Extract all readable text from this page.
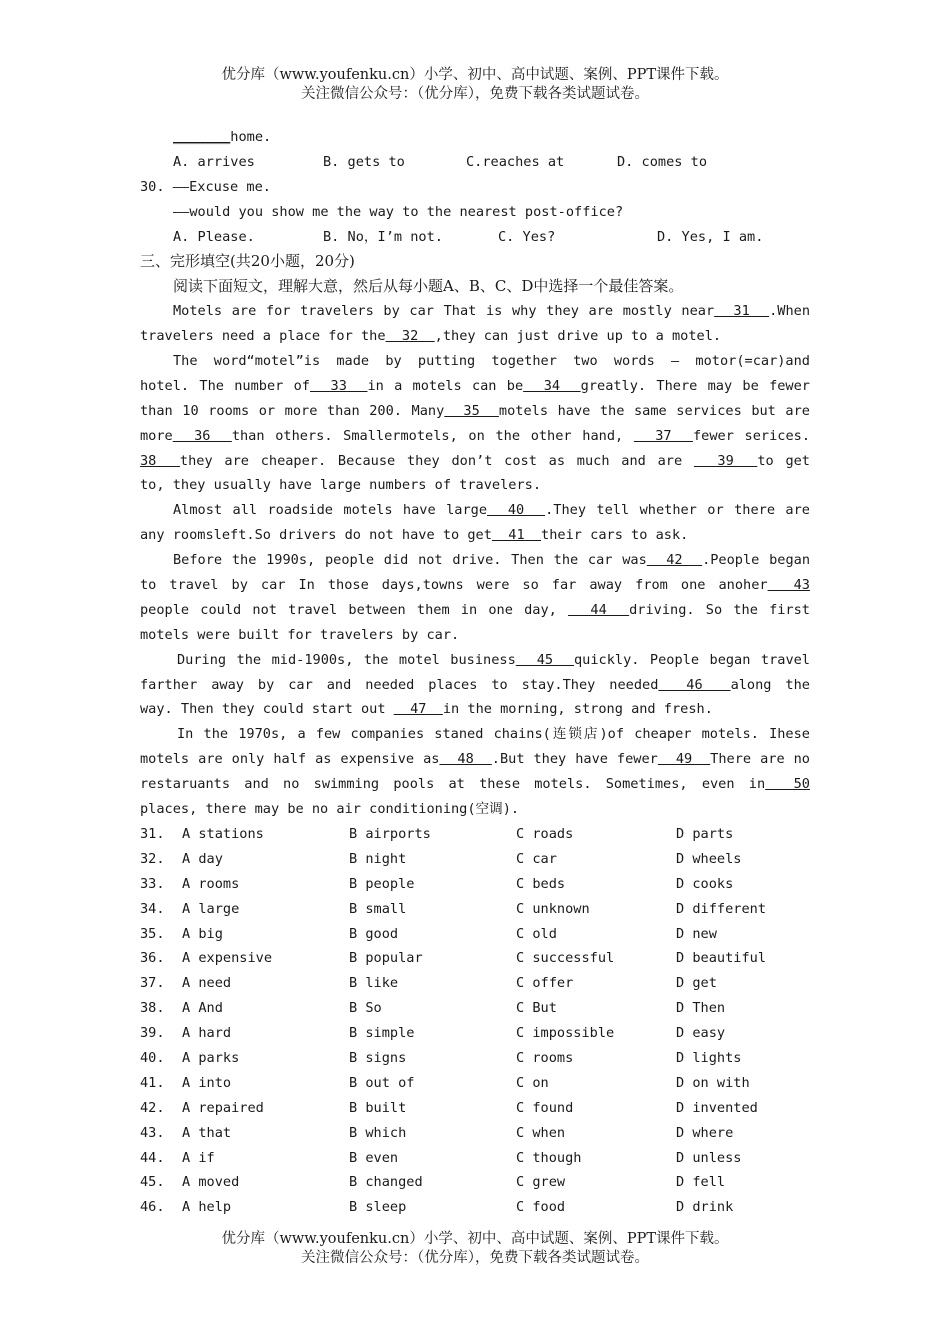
优分库（www.youfenku.cn）小学、初中、高中试题、案例、PPT课件下载。
关注微信公众号：（优分库），免费下载各类试题试卷。
_______home.
A. arrives	B. gets to	C.reaches at	D. comes to
30. ——Excuse me.
——would you show me the way to the nearest post-office?
A. Please.	B. No，I’m not.	C. Yes?	D. Yes, I am.
三、完形填空(共20小题，20分)
阅读下面短文，理解大意，然后从每小题A、B、C、D中选择一个最佳答案。
Motels are for travelers by car That is why they are mostly near  31  .When
travelers need a place for the  32  ,they can just drive up to a motel.
The word“motel”is made by putting together two words — motor(=car)and
hotel. The number of  33  in a motels can be  34  greatly. There may be fewer
than 10 rooms or more than 200. Many  35  motels have the same services but are
more  36  than others. Smallermotels, on the other hand,   37  fewer serices.
38  they are cheaper. Because they don’t cost as much and are   39  to get
to, they usually have large numbers of travelers.
Almost all roadside motels have large  40  .They tell whether or there are
any roomsleft.So drivers do not have to get  41  their cars to ask.
Before the 1990s, people did not drive. Then the car was  42  .People began
to travel by car In those days,towns were so far away from one anoher  43
people could not travel between them in one day,   44  driving. So the first
motels were built for travelers by car.
During the mid-1900s, the motel business  45  quickly. People began travel
farther away by car and needed places to stay.They needed  46  along the
way. Then they could start out   47  in the morning, strong and fresh.
In the 1970s, a few companies staned chains(连锁店)of cheaper motels. Ihese
motels are only half as expensive as  48  .But they have fewer  49  There are no
restaruants and no swimming pools at these motels. Sometimes, even in  50
places, there may be no air conditioning(空调).
31.	A stations	B airports	C roads	D parts
32.	A day	B night	C car	D wheels
33.	A rooms	B people	C beds	D cooks
34.	A large	B small	C unknown	D different
35.	A big	B good	C old	D new
36.	A expensive	B popular	C successful	D beautiful
37.	A need	B like	C offer	D get
38.	A And	B So	C But	D Then
39.	A hard	B simple	C impossible	D easy
40.	A parks	B signs	C rooms	D lights
41.	A into	B out of	C on	D on with
42.	A repaired	B built	C found	D invented
43.	A that	B which	C when	D where
44.	A if	B even	C though	D unless
45.	A moved	B changed	C grew	D fell
46.	A help	B sleep	C food	D drink
优分库（www.youfenku.cn）小学、初中、高中试题、案例、PPT课件下载。
关注微信公众号：（优分库），免费下载各类试题试卷。
